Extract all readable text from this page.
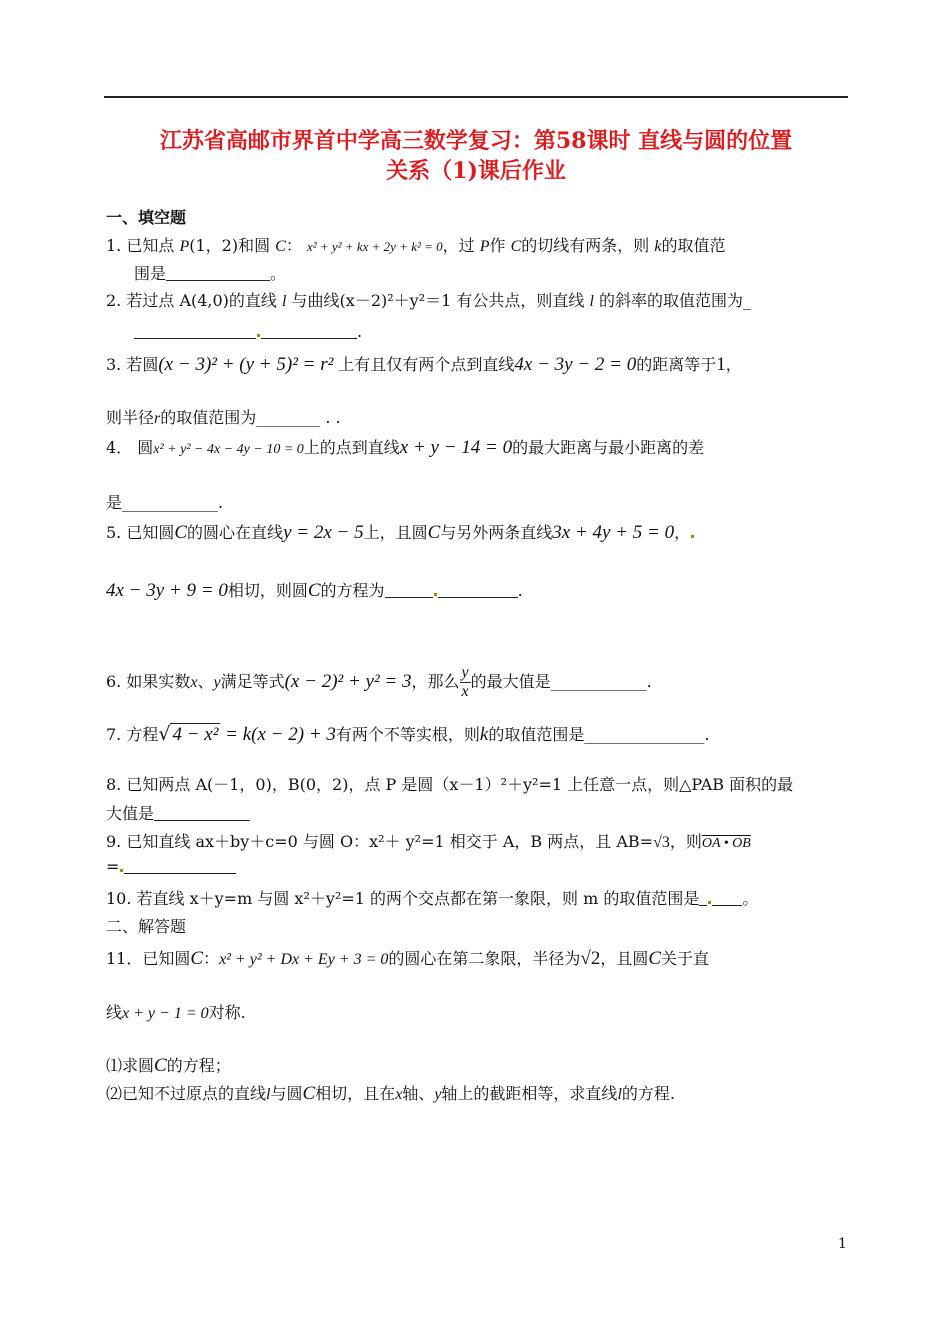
江苏省高邮市界首中学高三数学复习：第58课时 直线与圆的位置
关系（1)课后作业
一、填空题
1. 已知点 P(1，2)和圆 C： x² + y² + kx + 2y + k² = 0，过 P作 C的切线有两条，则 k的取值范
围是	。
2. 若过点 A(4,0)的直线 l 与曲线(x－2)²＋y²＝1 有公共点，则直线 l 的斜率的取值范围为_
.
3. 若圆(x − 3)² + (y + 5)² = r² 上有且仅有两个点到直线4x − 3y − 2 = 0的距离等于1，
则半径r的取值范围为________ . .
4． 圆x² + y² − 4x − 4y − 10 = 0上的点到直线x + y − 14 = 0的最大距离与最小距离的差
是____________.
5. 已知圆C的圆心在直线y = 2x − 5上，且圆C与另外两条直线3x + 4y + 5 = 0，
4x − 3y + 9 = 0相切，则圆C的方程为	.
6. 如果实数x、y满足等式(x − 2)² + y² = 3，那么 $\frac{y}{x}$ 的最大值是____________.
7. 方程√ 4 − x² = k(x − 2) + 3有两个不等实根，则k的取值范围是_______________.
8. 已知两点 A(－1，0)，B(0，2)，点 P 是圆（x－1）²＋y²=1 上任意一点，则△PAB 面积的最
大值是
9. 已知直线 ax＋by＋c=0 与圆 O：x²＋ y²=1 相交于 A，B 两点，且 AB=√3，则OA • OB
=
10. 若直线 x＋y=m 与圆 x²＋y²=1 的两个交点都在第一象限，则 m 的取值范围是	。
二、解答题
11．已知圆C：x² + y² + Dx + Ey + 3 = 0的圆心在第二象限，半径为√2，且圆C关于直
线x + y − 1 = 0对称.
⑴求圆C的方程；
⑵已知不过原点的直线l与圆C相切，且在x轴、y轴上的截距相等，求直线l的方程.
1
